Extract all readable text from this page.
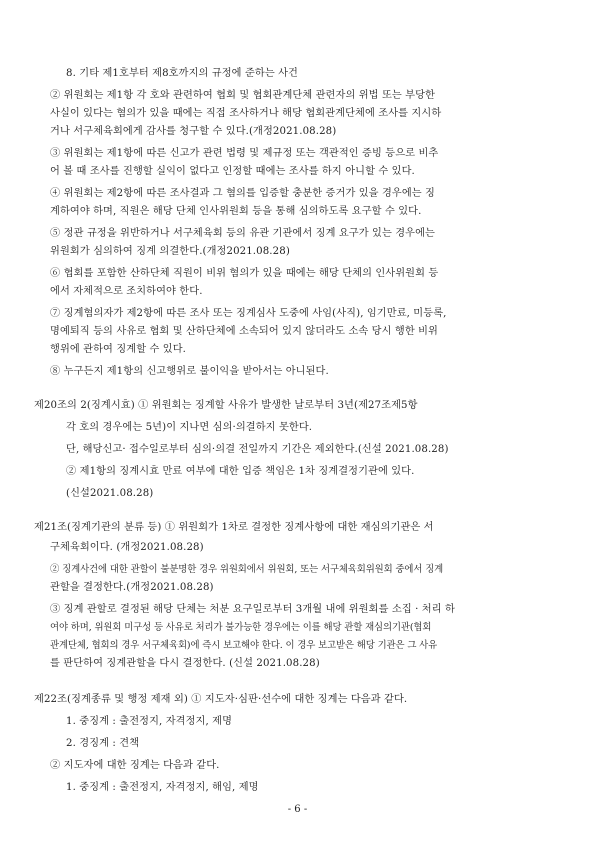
8. 기타 제1호부터 제8호까지의 규정에 준하는 사건
② 위원회는 제1항 각 호와 관련하여 협회 및 협회관계단체 관련자의 위법 또는 부당한
사실이 있다는 혐의가 있을 때에는 직접 조사하거나 해당 협회관계단체에 조사를 지시하
거나 서구체육회에게 감사를 청구할 수 있다.(개정2021.08.28)
③ 위원회는 제1항에 따른 신고가 관련 법령 및 제규정 또는 객관적인 증빙 등으로 비추
어 볼 때 조사를 진행할 실익이 없다고 인정할 때에는 조사를 하지 아니할 수 있다.
④ 위원회는 제2항에 따른 조사결과 그 혐의를 입증할 충분한 증거가 있을 경우에는 징
계하여야 하며, 직원은 해당 단체 인사위원회 등을 통해 심의하도록 요구할 수 있다.
⑤ 정관 규정을 위반하거나 서구체육회 등의 유관 기관에서 징계 요구가 있는 경우에는
위원회가 심의하여 징계 의결한다.(개정2021.08.28)
⑥ 협회를 포함한 산하단체 직원이 비위 혐의가 있을 때에는 해당 단체의 인사위원회 등
에서 자체적으로 조치하여야 한다.
⑦ 징계혐의자가 제2항에 따른 조사 또는 징계심사 도중에 사임(사직), 임기만료, 미등록,
명예퇴직 등의 사유로 협회 및 산하단체에 소속되어 있지 않더라도 소속 당시 행한 비위
행위에 관하여 징계할 수 있다.
⑧ 누구든지 제1항의 신고행위로 불이익을 받아서는 아니된다.
제20조의 2(징계시효) ① 위원회는 징계할 사유가 발생한 날로부터 3년(제27조제5항
각 호의 경우에는 5년)이 지나면 심의·의결하지 못한다.
단, 해당신고· 접수일로부터 심의·의결 전일까지 기간은 제외한다.(신설 2021.08.28)
② 제1항의 징계시효 만료 여부에 대한 입증 책임은 1차 징계결정기관에 있다.
(신설2021.08.28)
제21조(징계기관의 분류 등) ① 위원회가 1차로 결정한 징계사항에 대한 재심의기관은 서
구체육회이다. (개정2021.08.28)
② 징계사건에 대한 관할이 불분명한 경우 위원회에서 위원회, 또는 서구체육회위원회 중에서 징계
관할을 결정한다.(개정2021.08.28)
③ 징계 관할로 결정된 해당 단체는 처분 요구일로부터 3개월 내에 위원회를 소집 · 처리 하
여야 하며, 위원회 미구성 등 사유로 처리가 불가능한 경우에는 이를 해당 관할 재심의기관(협회
관계단체, 협회의 경우 서구체육회)에 즉시 보고해야 한다. 이 경우 보고받은 해당 기관은 그 사유
를 판단하여 징계관할을 다시 결정한다. (신설 2021.08.28)
제22조(징계종류 및 행정 제재 외) ① 지도자·심판·선수에 대한 징계는 다음과 같다.
1. 중징계 : 출전정지, 자격정지, 제명
2. 경징계 : 견책
② 지도자에 대한 징계는 다음과 같다.
1. 중징계 : 출전정지, 자격정지, 해임, 제명
- 6 -
